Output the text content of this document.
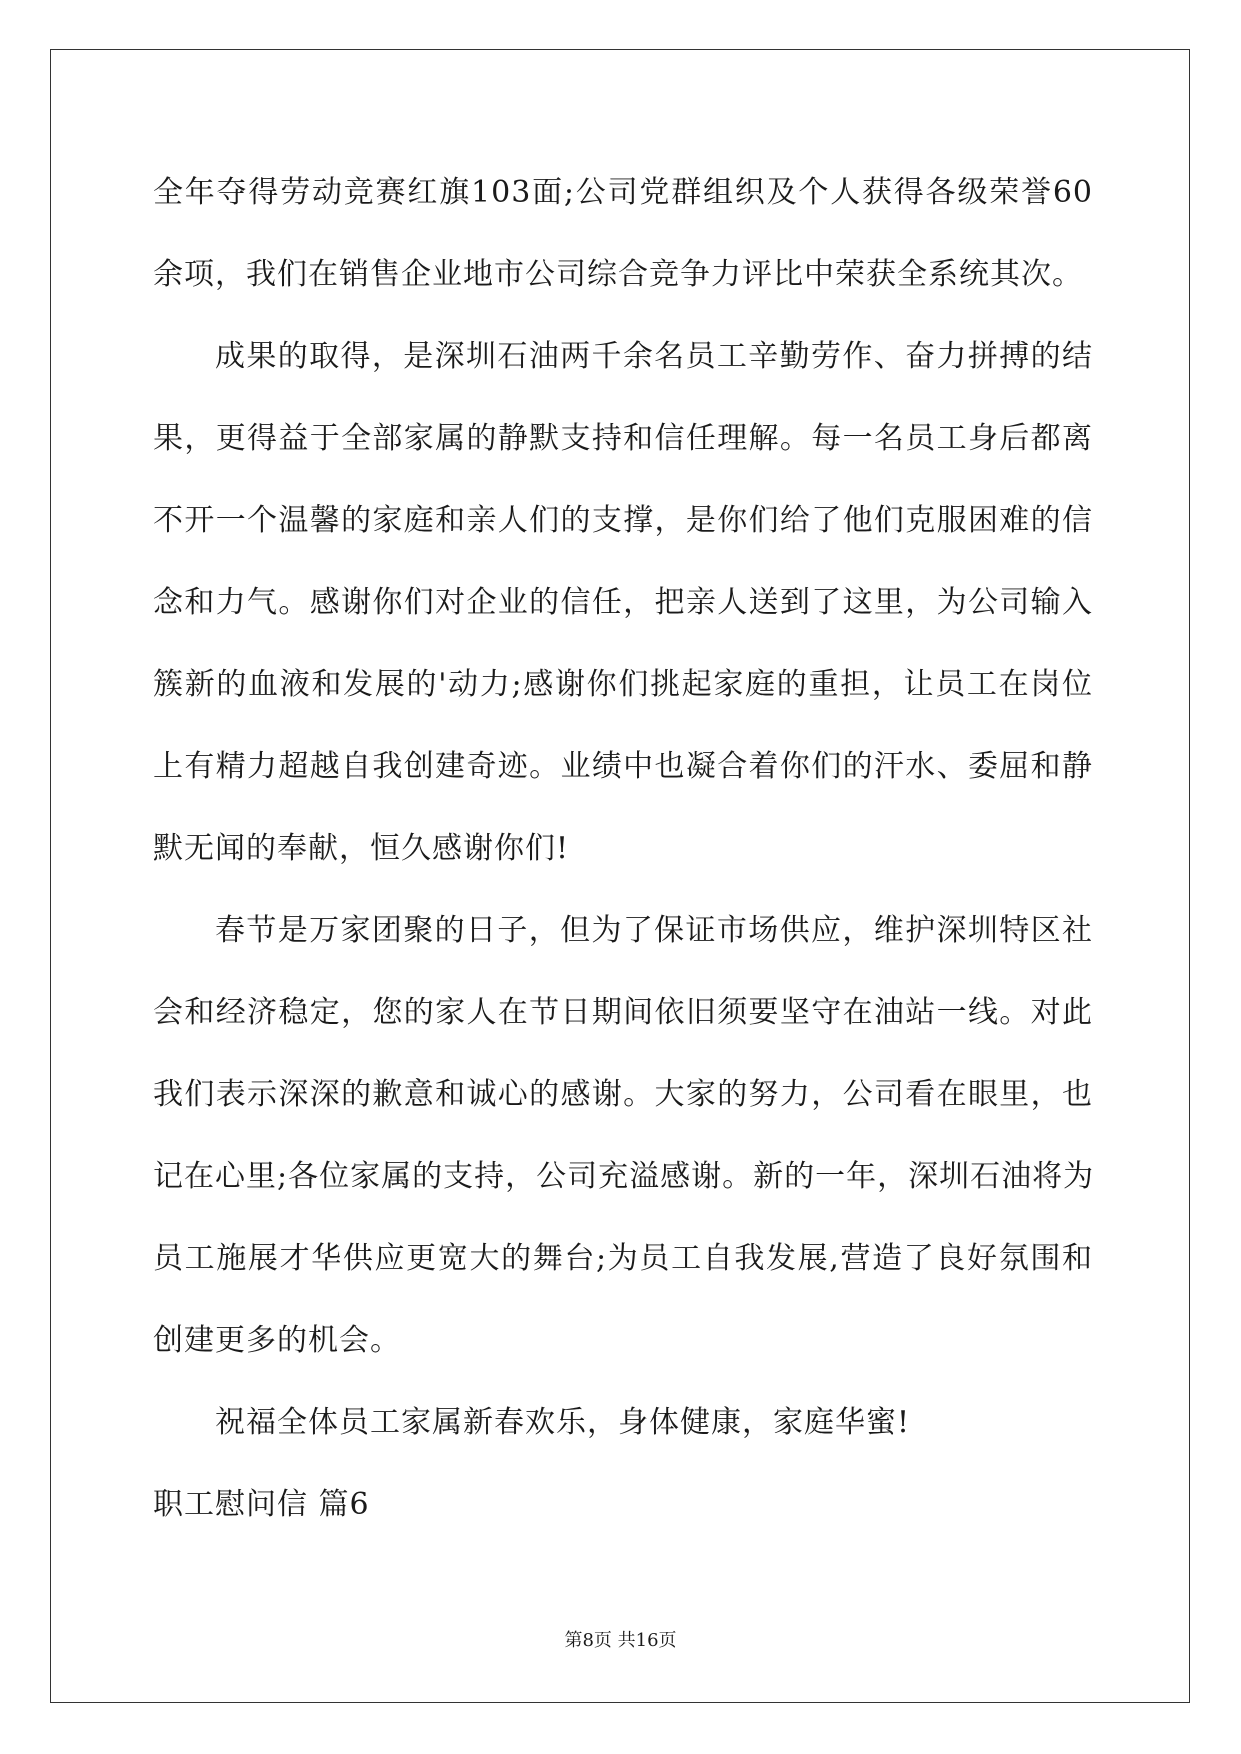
全年夺得劳动竞赛红旗103面;公司党群组织及个人获得各级荣誉60
余项，我们在销售企业地市公司综合竞争力评比中荣获全系统其次。
成果的取得，是深圳石油两千余名员工辛勤劳作、奋力拼搏的结
果，更得益于全部家属的静默支持和信任理解。每一名员工身后都离
不开一个温馨的家庭和亲人们的支撑，是你们给了他们克服困难的信
念和力气。感谢你们对企业的信任，把亲人送到了这里，为公司输入
簇新的血液和发展的'动力;感谢你们挑起家庭的重担，让员工在岗位
上有精力超越自我创建奇迹。业绩中也凝合着你们的汗水、委屈和静
默无闻的奉献，恒久感谢你们!
春节是万家团聚的日子，但为了保证市场供应，维护深圳特区社
会和经济稳定，您的家人在节日期间依旧须要坚守在油站一线。对此
我们表示深深的歉意和诚心的感谢。大家的努力，公司看在眼里，也
记在心里;各位家属的支持，公司充溢感谢。新的一年，深圳石油将为
员工施展才华供应更宽大的舞台;为员工自我发展,营造了良好氛围和
创建更多的机会。
祝福全体员工家属新春欢乐，身体健康，家庭华蜜!
职工慰问信 篇6
第8页 共16页
